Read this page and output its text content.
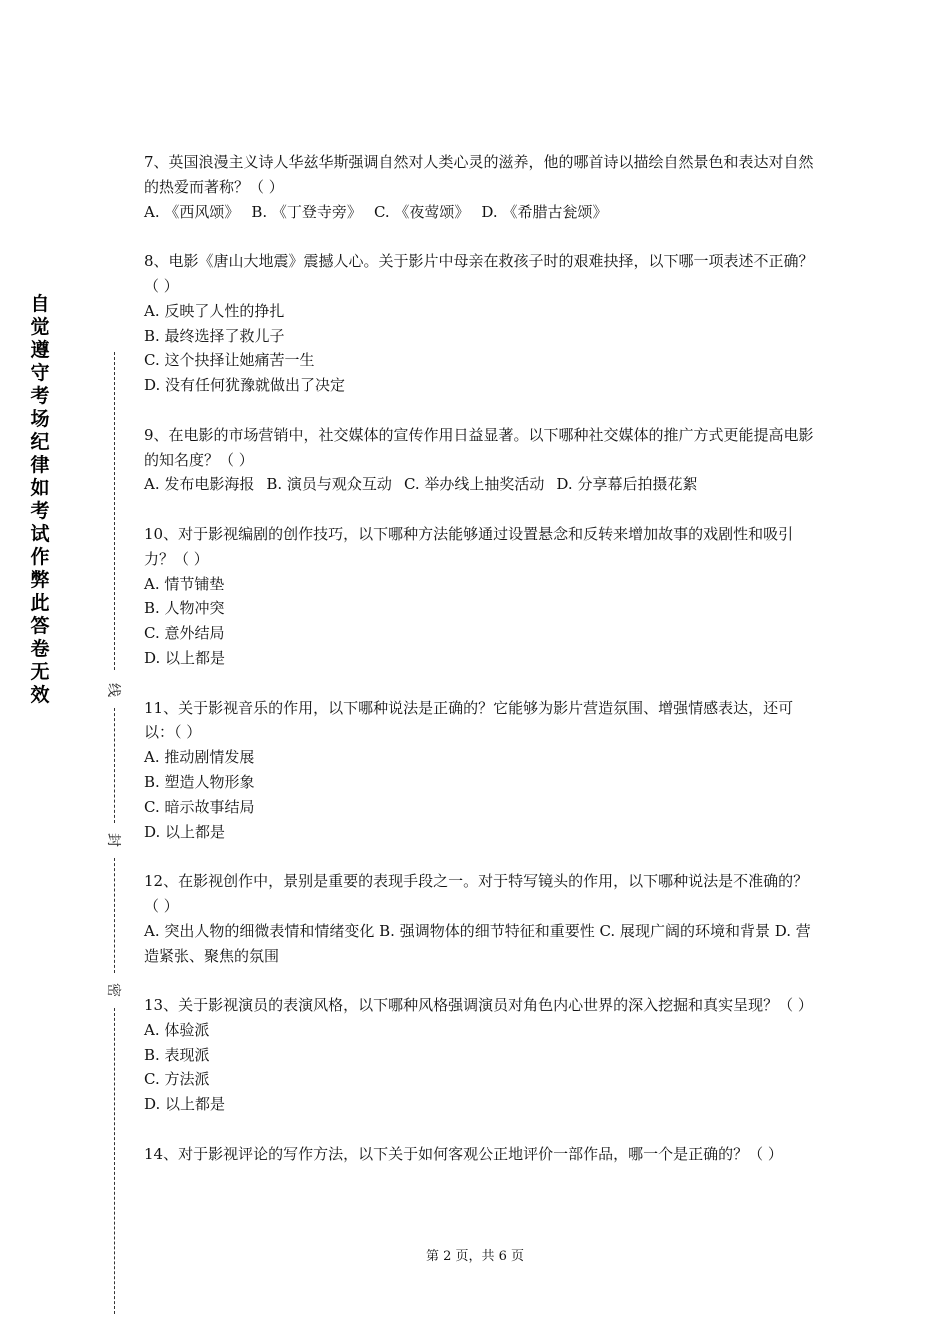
自
觉
遵
守
考
场
纪
律
如
考
试
作
弊
此
答
卷
无
效	线
封
密

7、英国浪漫主义诗人华兹华斯强调自然对人类心灵的滋养，他的哪首诗以描绘自然景色和表达对自然的热爱而著称？（ ）

A. 《西风颂》 B. 《丁登寺旁》 C. 《夜莺颂》 D. 《希腊古瓮颂》

8、电影《唐山大地震》震撼人心。关于影片中母亲在救孩子时的艰难抉择，以下哪一项表述不正确？（ ）

A. 反映了人性的挣扎

B. 最终选择了救儿子

C. 这个抉择让她痛苦一生

D. 没有任何犹豫就做出了决定

9、在电影的市场营销中，社交媒体的宣传作用日益显著。以下哪种社交媒体的推广方式更能提高电影的知名度？（ ）

A. 发布电影海报 B. 演员与观众互动 C. 举办线上抽奖活动 D. 分享幕后拍摄花絮

10、对于影视编剧的创作技巧，以下哪种方法能够通过设置悬念和反转来增加故事的戏剧性和吸引力？（ ）

A. 情节铺垫

B. 人物冲突

C. 意外结局

D. 以上都是

11、关于影视音乐的作用，以下哪种说法是正确的？它能够为影片营造氛围、增强情感表达，还可以：（ ）

A. 推动剧情发展

B. 塑造人物形象

C. 暗示故事结局

D. 以上都是

12、在影视创作中，景别是重要的表现手段之一。对于特写镜头的作用，以下哪种说法是不准确的？（ ）

A. 突出人物的细微表情和情绪变化 B. 强调物体的细节特征和重要性 C. 展现广阔的环境和背景 D. 营造紧张、聚焦的氛围

13、关于影视演员的表演风格，以下哪种风格强调演员对角色内心世界的深入挖掘和真实呈现？（ ）

A. 体验派

B. 表现派

C. 方法派

D. 以上都是

14、对于影视评论的写作方法，以下关于如何客观公正地评价一部作品，哪一个是正确的？（ ）

第 2 页，共 6 页
